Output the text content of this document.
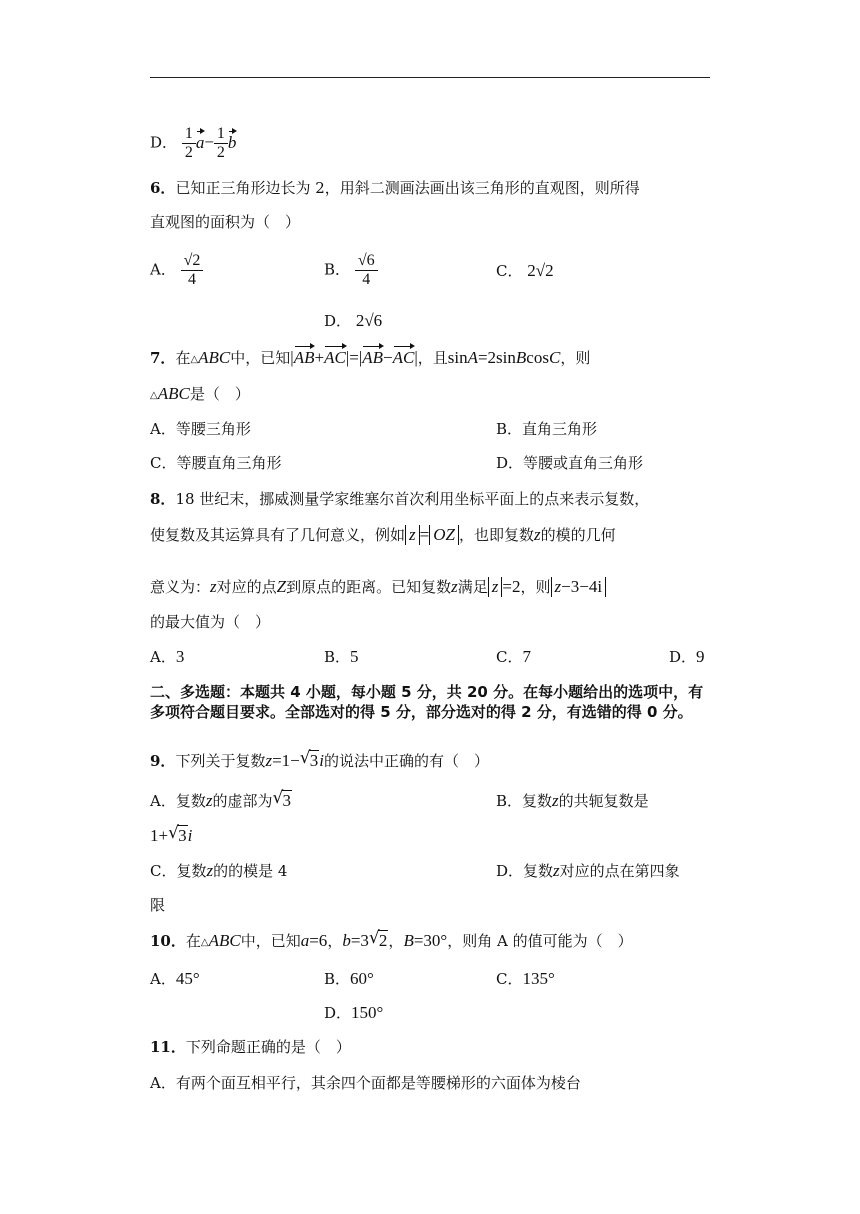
D． $\frac{1}{2} a- \frac{1}{2}$ b
6．已知正三角形边长为 2，用斜二测画法画出该三角形的直观图，则所得
直观图的面积为（　）
A． $\frac{√2}{4}$	B． $\frac{√6}{4}$	C． 2√2
D． 2√6
7．在△ABC中，已知|AB+AC|=|AB−AC|，且sinA=2sinBcosC，则
△ABC是（　）
A．等腰三角形	B．直角三角形
C．等腰直角三角形	D．等腰或直角三角形
8．18 世纪末，挪威测量学家维塞尔首次利用坐标平面上的点来表示复数，
使复数及其运算具有了几何意义，例如 z = OZ ，也即复数z的模的几何
意义为：z对应的点Z到原点的距离。已知复数z满足 z =2，则 z−3−4i
的最大值为（　）
A．3	B．5	C．7	D．9
二、多选题：本题共 4 小题，每小题 5 分，共 20 分。在每小题给出的选项中，有多项符合题目要求。全部选对的得 5 分，部分选对的得 2 分，有选错的得 0 分。
9．下列关于复数z=1− √ 3i的说法中正确的有（　）
A．复数z的虚部为 √ 3	B．复数z的共轭复数是
1+ √ 3i
C．复数z的的模是 4	D．复数z对应的点在第四象
限
10．在△ABC中，已知a=6，b=3 √ 2，B=30°，则角 A 的值可能为（　）
A．45°	B．60°	C．135°
D．150°
11．下列命题正确的是（　）
A．有两个面互相平行，其余四个面都是等腰梯形的六面体为棱台
